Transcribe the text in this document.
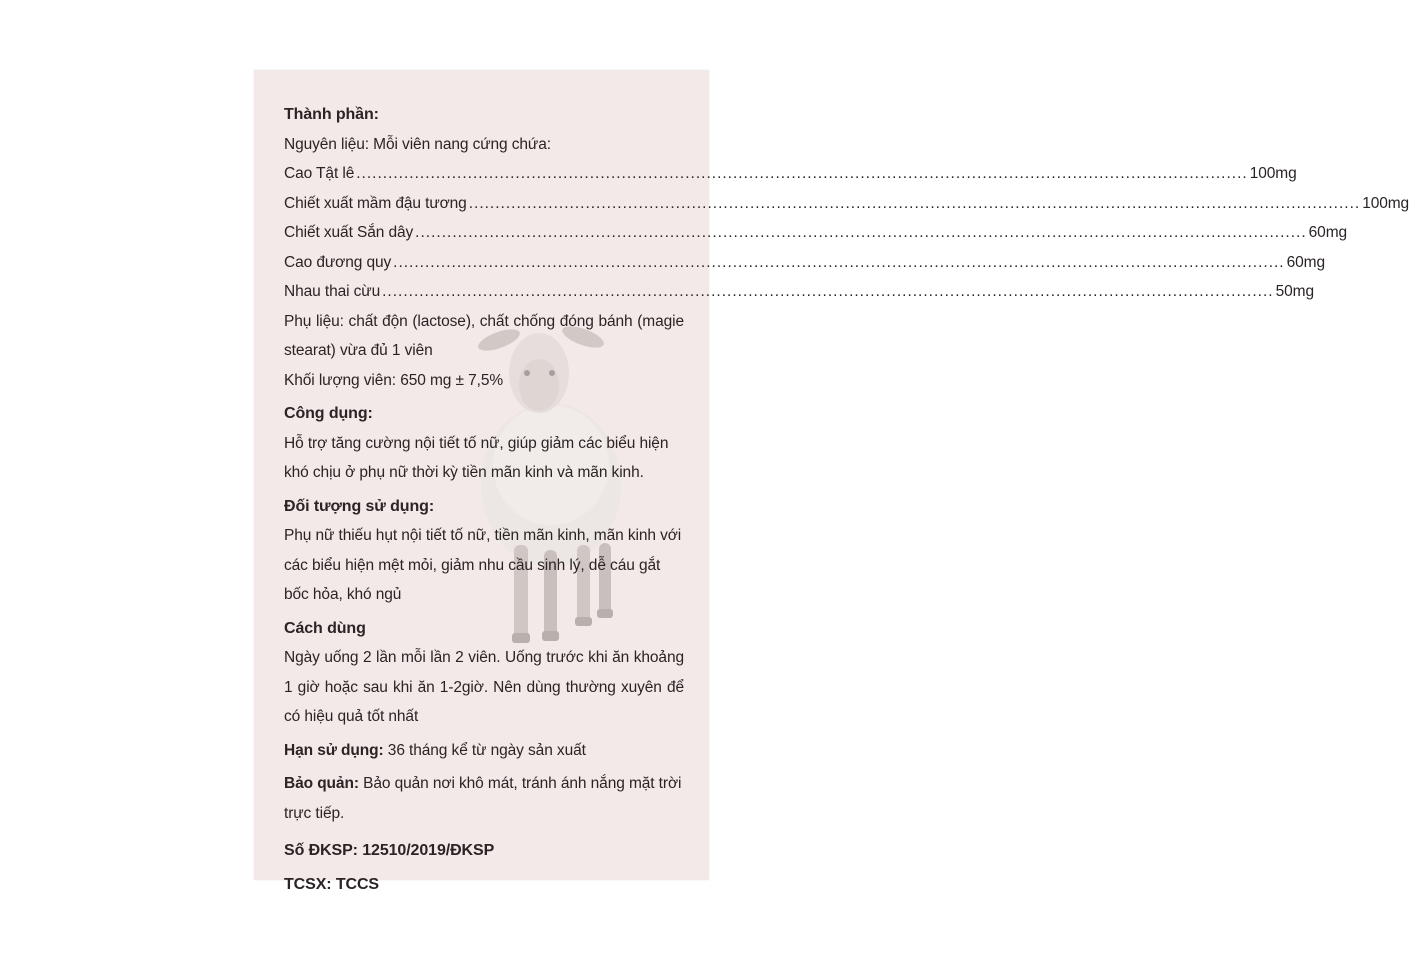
Thành phần:

Nguyên liệu: Mỗi viên nang cứng chứa:

Cao Tật lê .....	100mg
Chiết xuất mầm đậu tương .....	100mg
Chiết xuất Sắn dây .....	60mg
Cao đương quy .....	60mg
Nhau thai cừu .....	50mg

Phụ liệu: chất độn (lactose), chất chống đóng bánh (magie stearat) vừa đủ 1 viên

Khối lượng viên: 650 mg ± 7,5%

Công dụng:

Hỗ trợ tăng cường nội tiết tố nữ, giúp giảm các biểu hiện khó chịu ở phụ nữ thời kỳ tiền mãn kinh và mãn kinh.

Đối tượng sử dụng:

Phụ nữ thiếu hụt nội tiết tố nữ, tiền mãn kinh, mãn kinh với các biểu hiện mệt mỏi, giảm nhu cầu sinh lý, dễ cáu gắt bốc hỏa, khó ngủ

Cách dùng

Ngày uống 2 lần mỗi lần 2 viên. Uống trước khi ăn khoảng 1 giờ hoặc sau khi ăn 1-2giờ. Nên dùng thường xuyên để có hiệu quả tốt nhất

Hạn sử dụng: 36 tháng kể từ ngày sản xuất

Bảo quản: Bảo quản nơi khô mát, tránh ánh nắng mặt trời trực tiếp.

Số ĐKSP: 12510/2019/ĐKSP

TCSX: TCCS
